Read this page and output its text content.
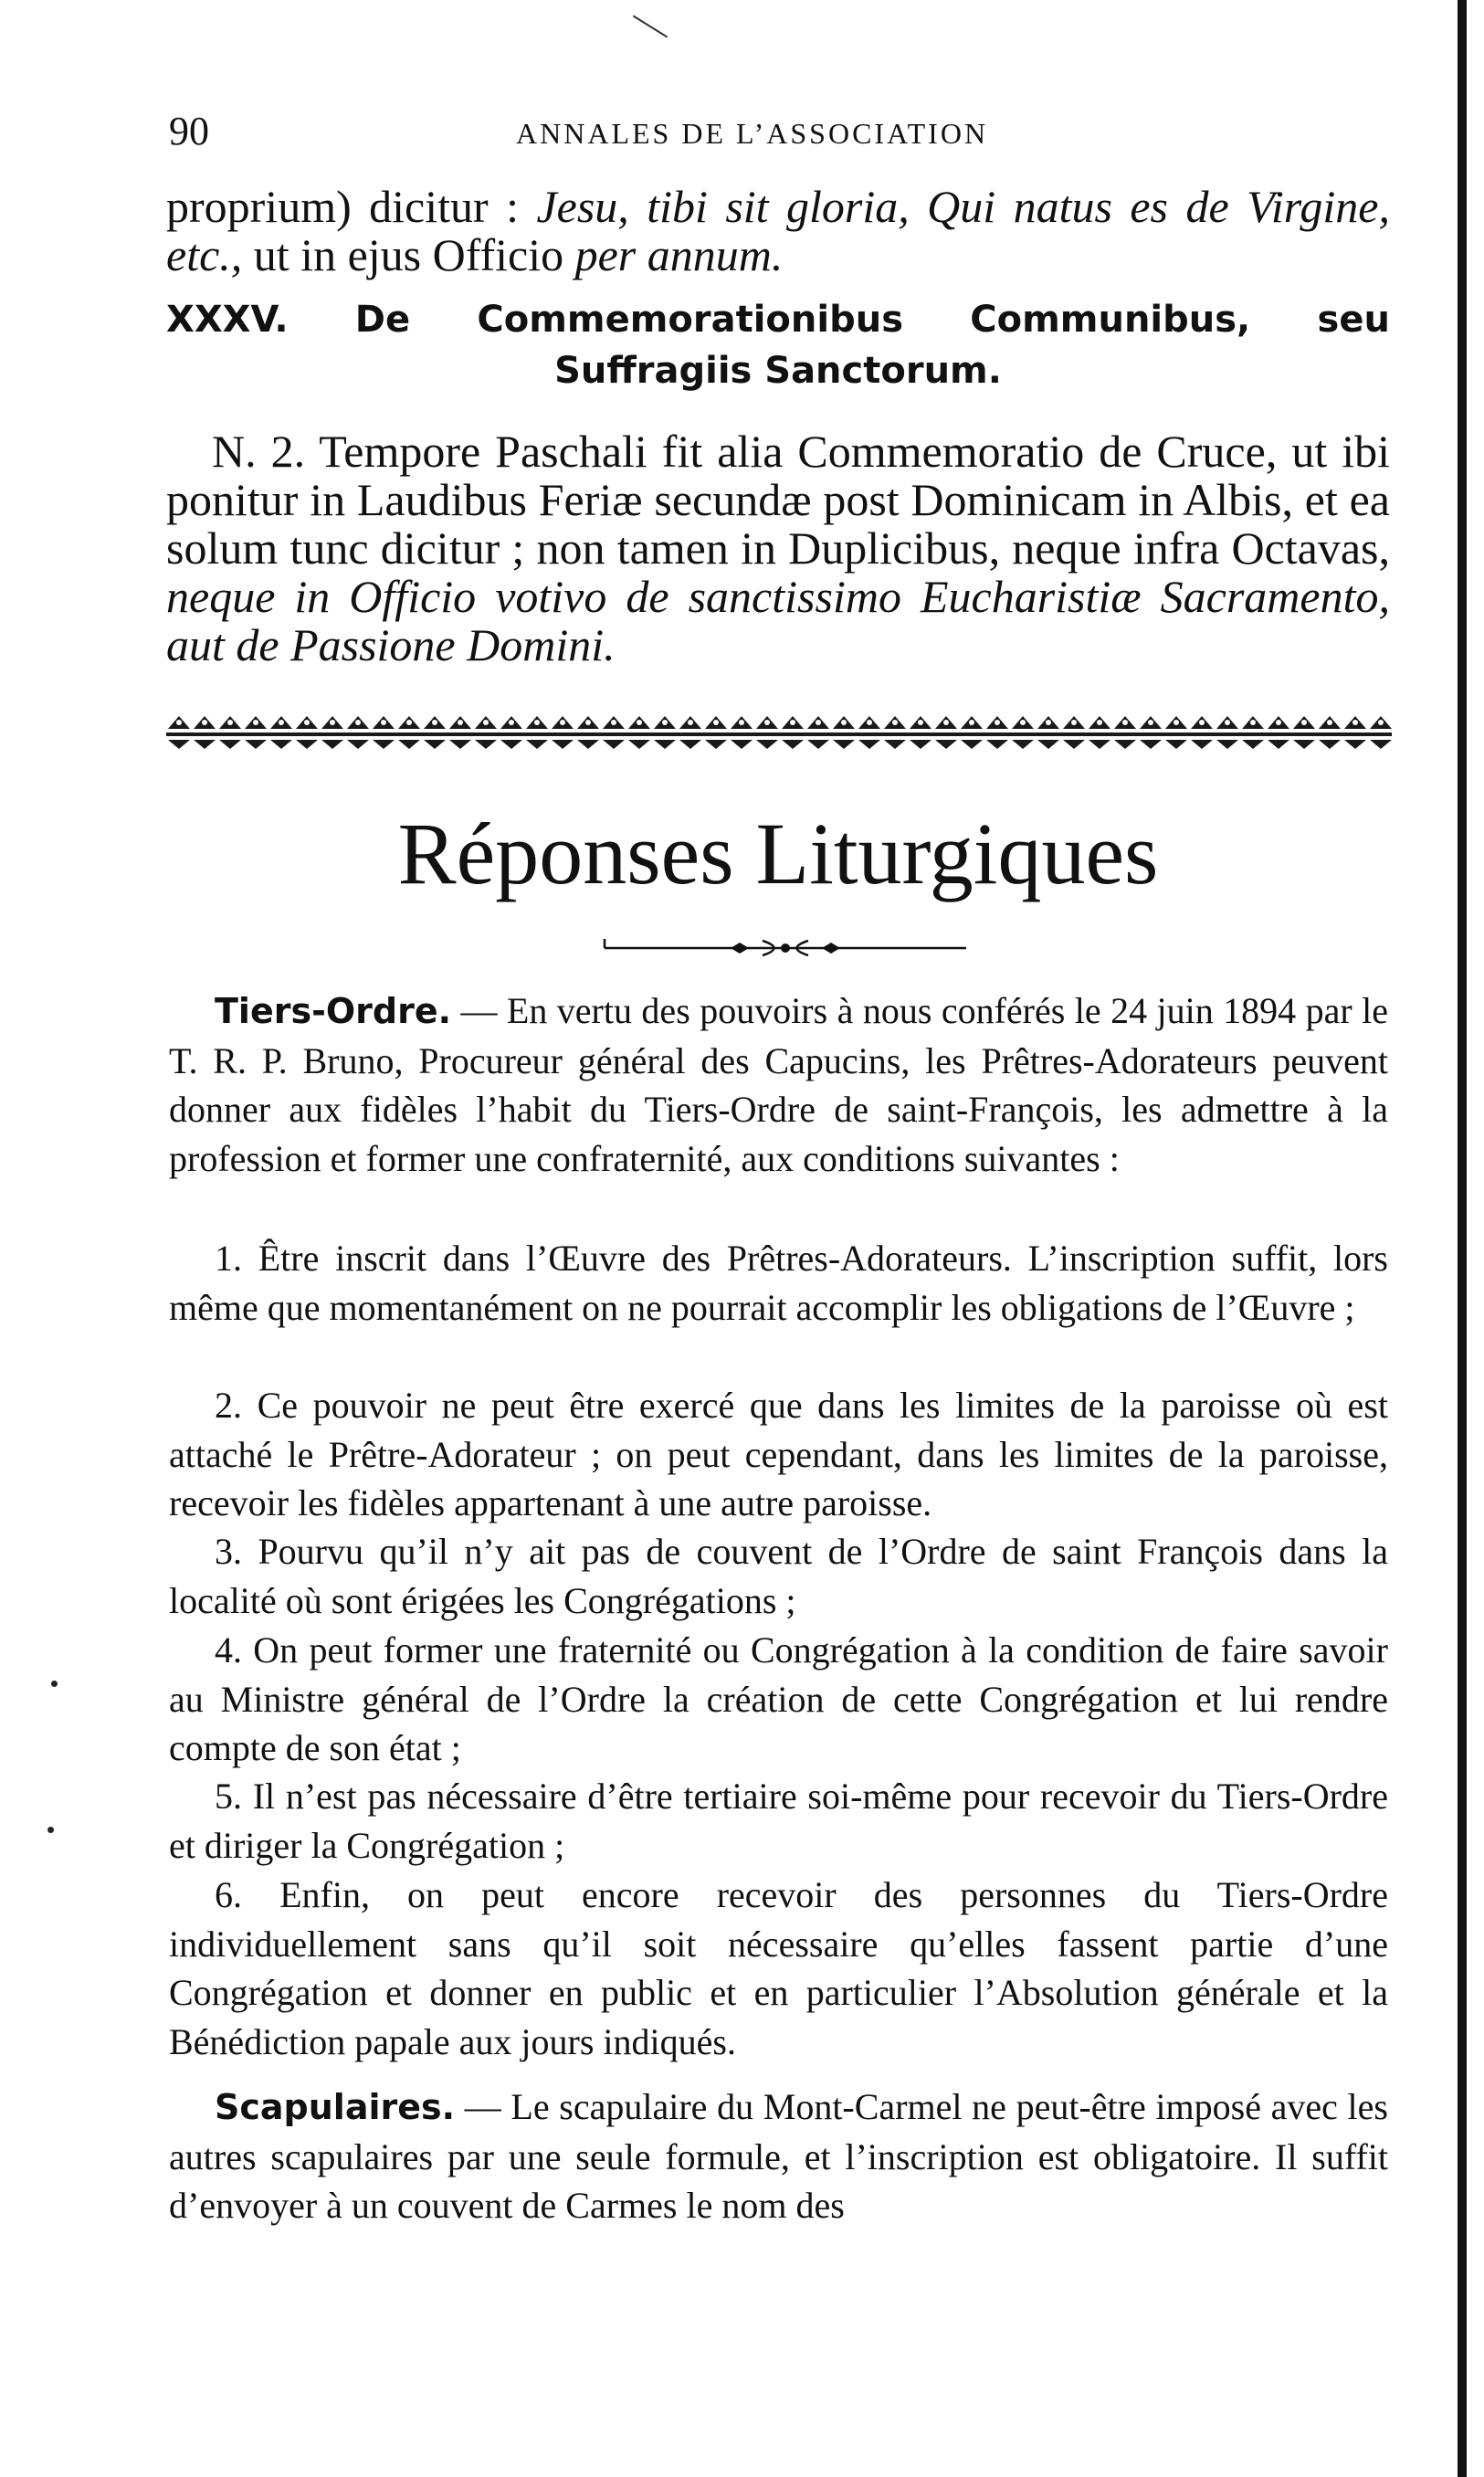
90	ANNALES DE L’ASSOCIATION
proprium) dicitur : Jesu, tibi sit gloria, Qui natus es de Virgine, etc., ut in ejus Officio per annum.
XXXV. De Commemorationibus Communibus, seu
Suffragiis Sanctorum.
N. 2. Tempore Paschali fit alia Commemoratio de Cruce, ut ibi ponitur in Laudibus Feriæ secundæ post Dominicam in Albis, et ea solum tunc dicitur ; non tamen in Duplicibus, neque infra Octavas, neque in Officio votivo de sanctissimo Eucharistiæ Sacramento, aut de Passione Domini.
Réponses Liturgiques
Tiers-Ordre. — En vertu des pouvoirs à nous conférés le 24 juin 1894 par le T. R. P. Bruno, Procureur général des Capucins, les Prêtres-Adorateurs peuvent donner aux fidèles l’habit du Tiers-Ordre de saint-François, les admettre à la profession et former une confraternité, aux conditions suivantes :
1. Être inscrit dans l’Œuvre des Prêtres-Adorateurs. L’inscription suffit, lors même que momentanément on ne pourrait accomplir les obligations de l’Œuvre ;
2. Ce pouvoir ne peut être exercé que dans les limites de la paroisse où est attaché le Prêtre-Adorateur ; on peut cependant, dans les limites de la paroisse, recevoir les fidèles appartenant à une autre paroisse.
3. Pourvu qu’il n’y ait pas de couvent de l’Ordre de saint François dans la localité où sont érigées les Congrégations ;
4. On peut former une fraternité ou Congrégation à la condition de faire savoir au Ministre général de l’Ordre la création de cette Congrégation et lui rendre compte de son état ;
5. Il n’est pas nécessaire d’être tertiaire soi-même pour recevoir du Tiers-Ordre et diriger la Congrégation ;
6. Enfin, on peut encore recevoir des personnes du Tiers-Ordre individuellement sans qu’il soit nécessaire qu’elles fassent partie d’une Congrégation et donner en public et en particulier l’Absolution générale et la Bénédiction papale aux jours indiqués.
Scapulaires. — Le scapulaire du Mont-Carmel ne peut-être imposé avec les autres scapulaires par une seule formule, et l’inscription est obligatoire. Il suffit d’envoyer à un couvent de Carmes le nom des
